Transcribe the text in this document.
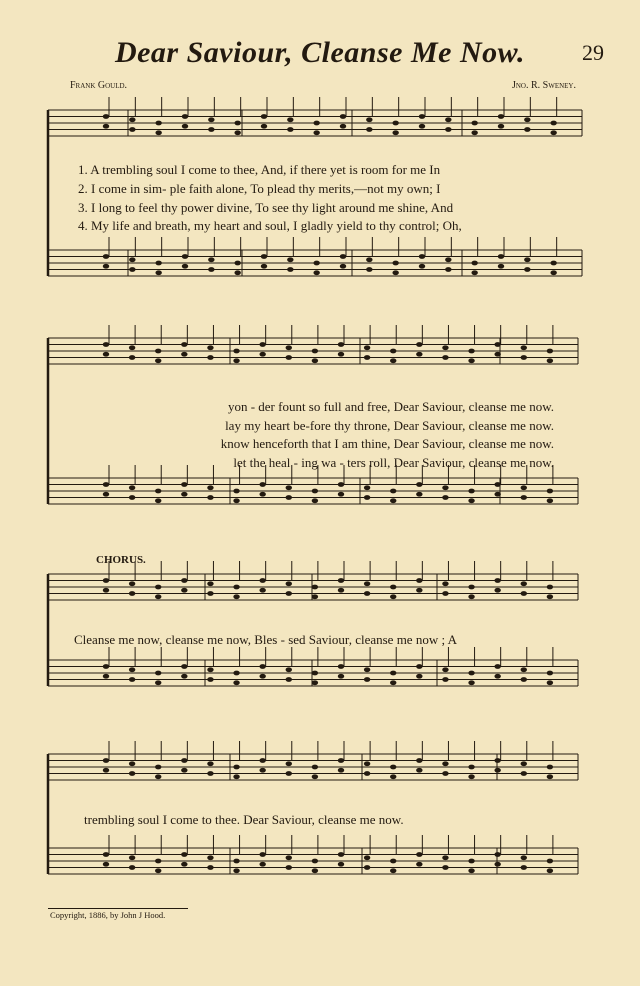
Dear Saviour, Cleanse Me Now.	29
Frank Gould.	Jno. R. Sweney.
1. A trembling soul I come to thee, And, if there yet is room for me In
2. I come in sim- ple faith alone, To plead thy merits,—not my own; I
3. I long to feel thy power divine, To see thy light around me shine, And
4. My life and breath, my heart and soul, I gladly yield to thy control; Oh,
yon - der fount so full and free, Dear Saviour, cleanse me now.
lay my heart be-fore thy throne, Dear Saviour, cleanse me now.
know henceforth that I am thine, Dear Saviour, cleanse me now.
let the heal - ing wa - ters roll, Dear Saviour, cleanse me now.
CHORUS.
Cleanse me now, cleanse me now, Bles - sed Saviour, cleanse me now ; A
trembling soul I come to thee. Dear Saviour, cleanse me now.
Copyright, 1886, by John J Hood.
